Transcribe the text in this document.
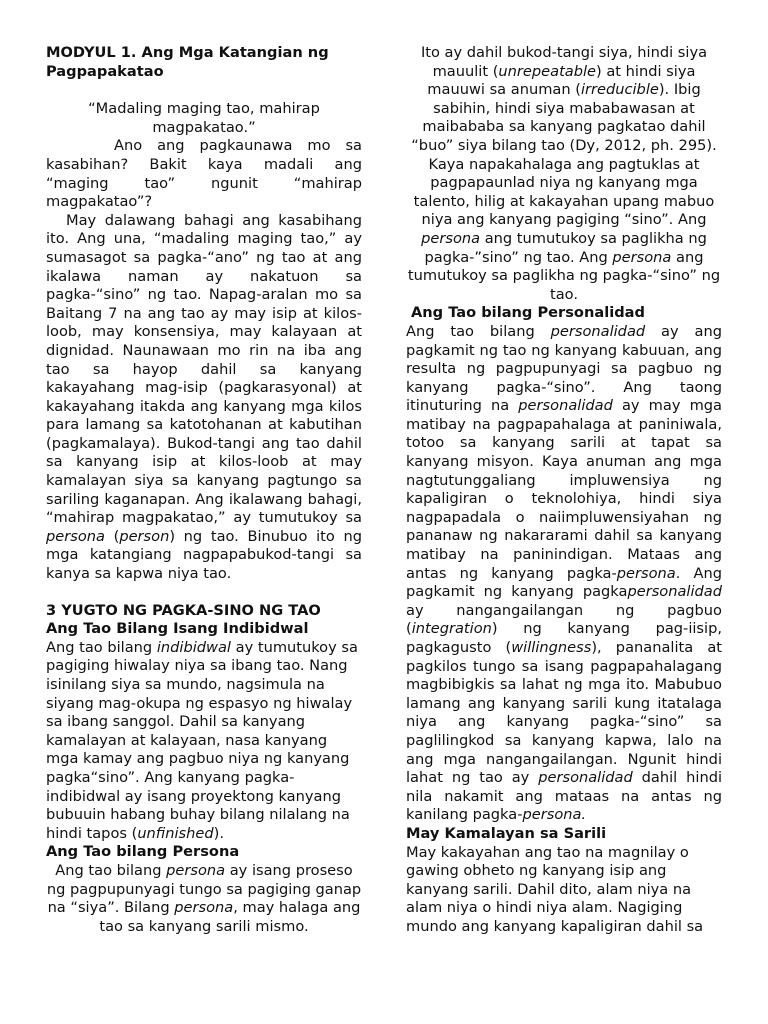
MODYUL 1. Ang Mga Katangian ng Pagpapakatao

“Madaling maging tao, mahirap magpakatao.”

Ano ang pagkaunawa mo sa kasabihan? Bakit kaya madali ang “maging tao” ngunit “mahirap magpakatao”?

May dalawang bahagi ang kasabihang ito. Ang una, “madaling maging tao,” ay sumasagot sa pagka-“ano” ng tao at ang ikalawa naman ay nakatuon sa pagka-“sino” ng tao. Napag-aralan mo sa Baitang 7 na ang tao ay may isip at kilos-loob, may konsensiya, may kalayaan at dignidad. Naunawaan mo rin na iba ang tao sa hayop dahil sa kanyang kakayahang mag-isip (pagkarasyonal) at kakayahang itakda ang kanyang mga kilos para lamang sa katotohanan at kabutihan (pagkamalaya). Bukod-tangi ang tao dahil sa kanyang isip at kilos-loob at may kamalayan siya sa kanyang pagtungo sa sariling kaganapan. Ang ikalawang bahagi, “mahirap magpakatao,” ay tumutukoy sa persona (person) ng tao. Binubuo ito ng mga katangiang nagpapabukod-tangi sa kanya sa kapwa niya tao.

3 YUGTO NG PAGKA-SINO NG TAO
Ang Tao Bilang Isang Indibidwal

Ang tao bilang indibidwal ay tumutukoy sa pagiging hiwalay niya sa ibang tao. Nang isinilang siya sa mundo, nagsimula na siyang mag-okupa ng espasyo ng hiwalay sa ibang sanggol. Dahil sa kanyang kamalayan at kalayaan, nasa kanyang mga kamay ang pagbuo niya ng kanyang pagka“sino”. Ang kanyang pagka-indibidwal ay isang proyektong kanyang bubuuin habang buhay bilang nilalang na hindi tapos (unfinished).

Ang Tao bilang Persona

Ang tao bilang persona ay isang proseso ng pagpupunyagi tungo sa pagiging ganap na “siya”. Bilang persona, may halaga ang tao sa kanyang sarili mismo.

Ito ay dahil bukod-tangi siya, hindi siya mauulit (unrepeatable) at hindi siya mauuwi sa anuman (irreducible). Ibig sabihin, hindi siya mababawasan at maibababa sa kanyang pagkatao dahil “buo” siya bilang tao (Dy, 2012, ph. 295). Kaya napakahalaga ang pagtuklas at pagpapaunlad niya ng kanyang mga talento, hilig at kakayahan upang mabuo niya ang kanyang pagiging “sino”. Ang persona ang tumutukoy sa paglikha ng pagka-”sino” ng tao. Ang persona ang tumutukoy sa paglikha ng pagka-“sino” ng tao.

Ang Tao bilang Personalidad

Ang tao bilang personalidad ay ang pagkamit ng tao ng kanyang kabuuan, ang resulta ng pagpupunyagi sa pagbuo ng kanyang pagka-“sino”. Ang taong itinuturing na personalidad ay may mga matibay na pagpapahalaga at paniniwala, totoo sa kanyang sarili at tapat sa kanyang misyon. Kaya anuman ang mga nagtutunggaliang impluwensiya ng kapaligiran o teknolohiya, hindi siya nagpapadala o naiimpluwensiyahan ng pananaw ng nakararami dahil sa kanyang matibay na paninindigan. Mataas ang antas ng kanyang pagka-persona. Ang pagkamit ng kanyang pagkapersonalidad ay nangangailangan ng pagbuo (integration) ng kanyang pag-iisip, pagkagusto (willingness), pananalita at pagkilos tungo sa isang pagpapahalagang magbibigkis sa lahat ng mga ito. Mabubuo lamang ang kanyang sarili kung itatalaga niya ang kanyang pagka-“sino” sa paglilingkod sa kanyang kapwa, lalo na ang mga nangangailangan. Ngunit hindi lahat ng tao ay personalidad dahil hindi nila nakamit ang mataas na antas ng kanilang pagka-persona.

May Kamalayan sa Sarili

May kakayahan ang tao na magnilay o gawing obheto ng kanyang isip ang kanyang sarili. Dahil dito, alam niya na alam niya o hindi niya alam. Nagiging mundo ang kanyang kapaligiran dahil sa
